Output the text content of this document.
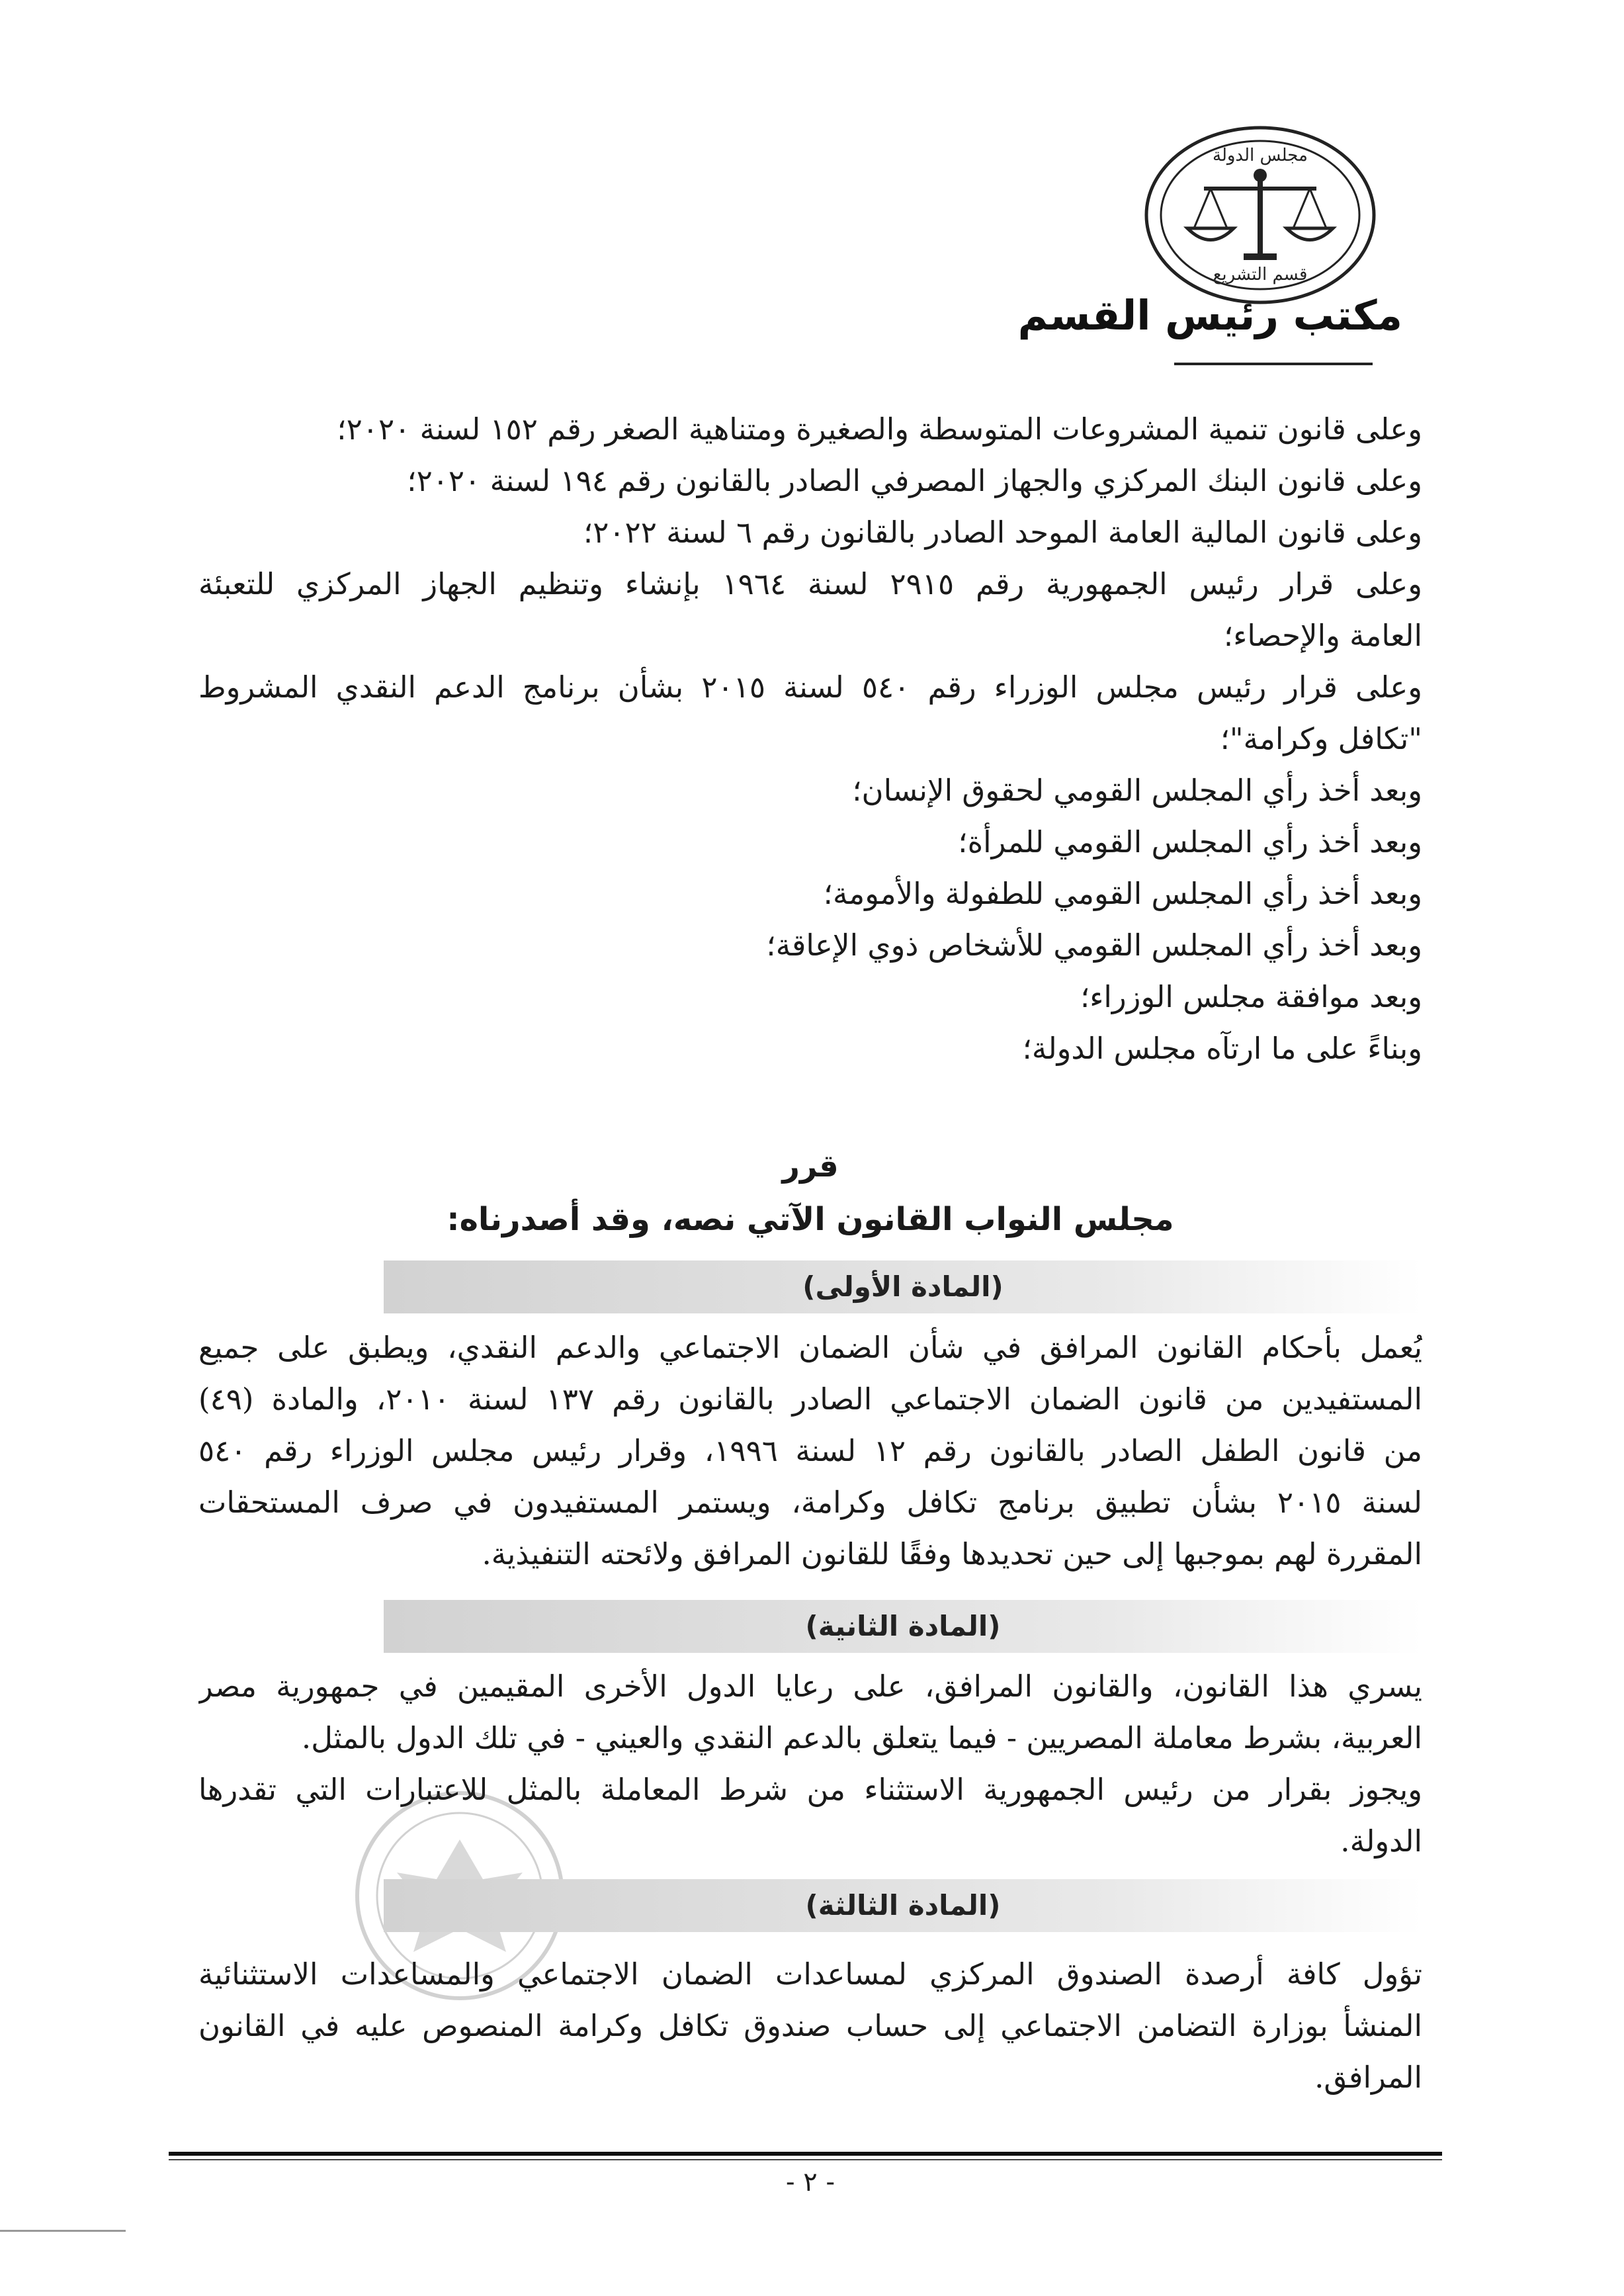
مجلس الدولة
قسم التشريع
مكتب رئيس القسم
وعلى قانون تنمية المشروعات المتوسطة والصغيرة ومتناهية الصغر رقم ١٥٢ لسنة ٢٠٢٠؛
وعلى قانون البنك المركزي والجهاز المصرفي الصادر بالقانون رقم ١٩٤ لسنة ٢٠٢٠؛
وعلى قانون المالية العامة الموحد الصادر بالقانون رقم ٦ لسنة ٢٠٢٢؛
وعلى قرار رئيس الجمهورية رقم ٢٩١٥ لسنة ١٩٦٤ بإنشاء وتنظيم الجهاز المركزي للتعبئة
العامة والإحصاء؛
وعلى قرار رئيس مجلس الوزراء رقم ٥٤٠ لسنة ٢٠١٥ بشأن برنامج الدعم النقدي المشروط
"تكافل وكرامة"؛
وبعد أخذ رأي المجلس القومي لحقوق الإنسان؛
وبعد أخذ رأي المجلس القومي للمرأة؛
وبعد أخذ رأي المجلس القومي للطفولة والأمومة؛
وبعد أخذ رأي المجلس القومي للأشخاص ذوي الإعاقة؛
وبعد موافقة مجلس الوزراء؛
وبناءً على ما ارتآه مجلس الدولة؛
قرر
مجلس النواب القانون الآتي نصه، وقد أصدرناه:
(المادة الأولى)
يُعمل بأحكام القانون المرافق في شأن الضمان الاجتماعي والدعم النقدي، ويطبق على جميع
المستفيدين من قانون الضمان الاجتماعي الصادر بالقانون رقم ١٣٧ لسنة ٢٠١٠، والمادة (٤٩)
من قانون الطفل الصادر بالقانون رقم ١٢ لسنة ١٩٩٦، وقرار رئيس مجلس الوزراء رقم ٥٤٠
لسنة ٢٠١٥ بشأن تطبيق برنامج تكافل وكرامة، ويستمر المستفيدون في صرف المستحقات
المقررة لهم بموجبها إلى حين تحديدها وفقًا للقانون المرافق ولائحته التنفيذية.
(المادة الثانية)
يسري هذا القانون، والقانون المرافق، على رعايا الدول الأخرى المقيمين في جمهورية مصر
العربية، بشرط معاملة المصريين - فيما يتعلق بالدعم النقدي والعيني - في تلك الدول بالمثل.
ويجوز بقرار من رئيس الجمهورية الاستثناء من شرط المعاملة بالمثل للاعتبارات التي تقدرها
الدولة.
(المادة الثالثة)
تؤول كافة أرصدة الصندوق المركزي لمساعدات الضمان الاجتماعي والمساعدات الاستثنائية
المنشأ بوزارة التضامن الاجتماعي إلى حساب صندوق تكافل وكرامة المنصوص عليه في القانون
المرافق.
- ٢ -
